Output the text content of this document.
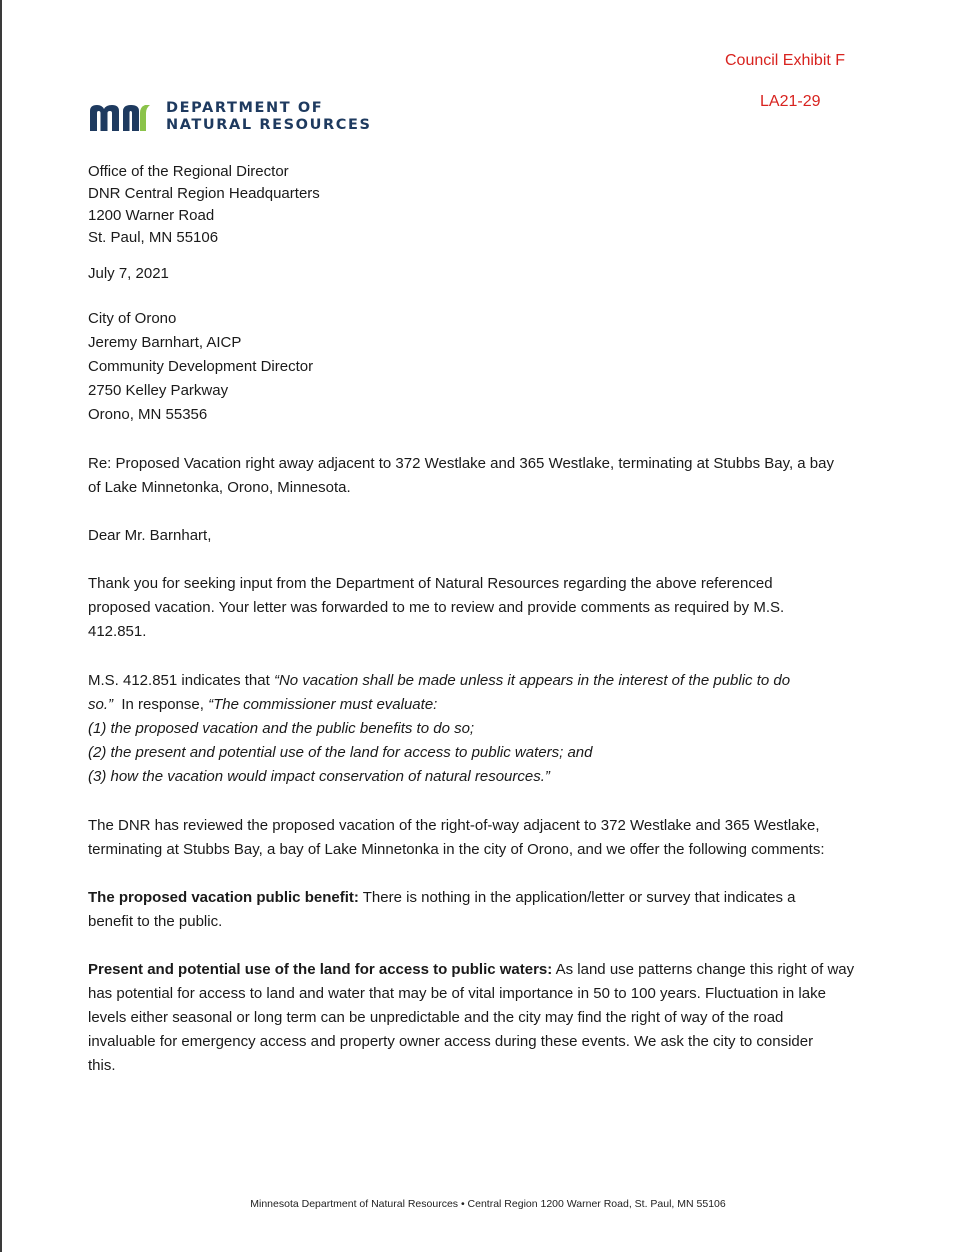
Council Exhibit F
LA21-29
DEPARTMENT OF
NATURAL RESOURCES
Office of the Regional Director
DNR Central Region Headquarters
1200 Warner Road
St. Paul, MN 55106
July 7, 2021
City of Orono
Jeremy Barnhart, AICP
Community Development Director
2750 Kelley Parkway
Orono, MN 55356
Re: Proposed Vacation right away adjacent to 372 Westlake and 365 Westlake, terminating at Stubbs Bay, a bay
of Lake Minnetonka, Orono, Minnesota.
Dear Mr. Barnhart,
Thank you for seeking input from the Department of Natural Resources regarding the above referenced
proposed vacation. Your letter was forwarded to me to review and provide comments as required by M.S.
412.851.
M.S. 412.851 indicates that “No vacation shall be made unless it appears in the interest of the public to do
so.”  In response, “The commissioner must evaluate:
(1) the proposed vacation and the public benefits to do so;
(2) the present and potential use of the land for access to public waters; and
(3) how the vacation would impact conservation of natural resources.”
The DNR has reviewed the proposed vacation of the right-of-way adjacent to 372 Westlake and 365 Westlake,
terminating at Stubbs Bay, a bay of Lake Minnetonka in the city of Orono, and we offer the following comments:
The proposed vacation public benefit: There is nothing in the application/letter or survey that indicates a
benefit to the public.
Present and potential use of the land for access to public waters: As land use patterns change this right of way
has potential for access to land and water that may be of vital importance in 50 to 100 years. Fluctuation in lake
levels either seasonal or long term can be unpredictable and the city may find the right of way of the road
invaluable for emergency access and property owner access during these events. We ask the city to consider
this.
Minnesota Department of Natural Resources • Central Region 1200 Warner Road, St. Paul, MN 55106
